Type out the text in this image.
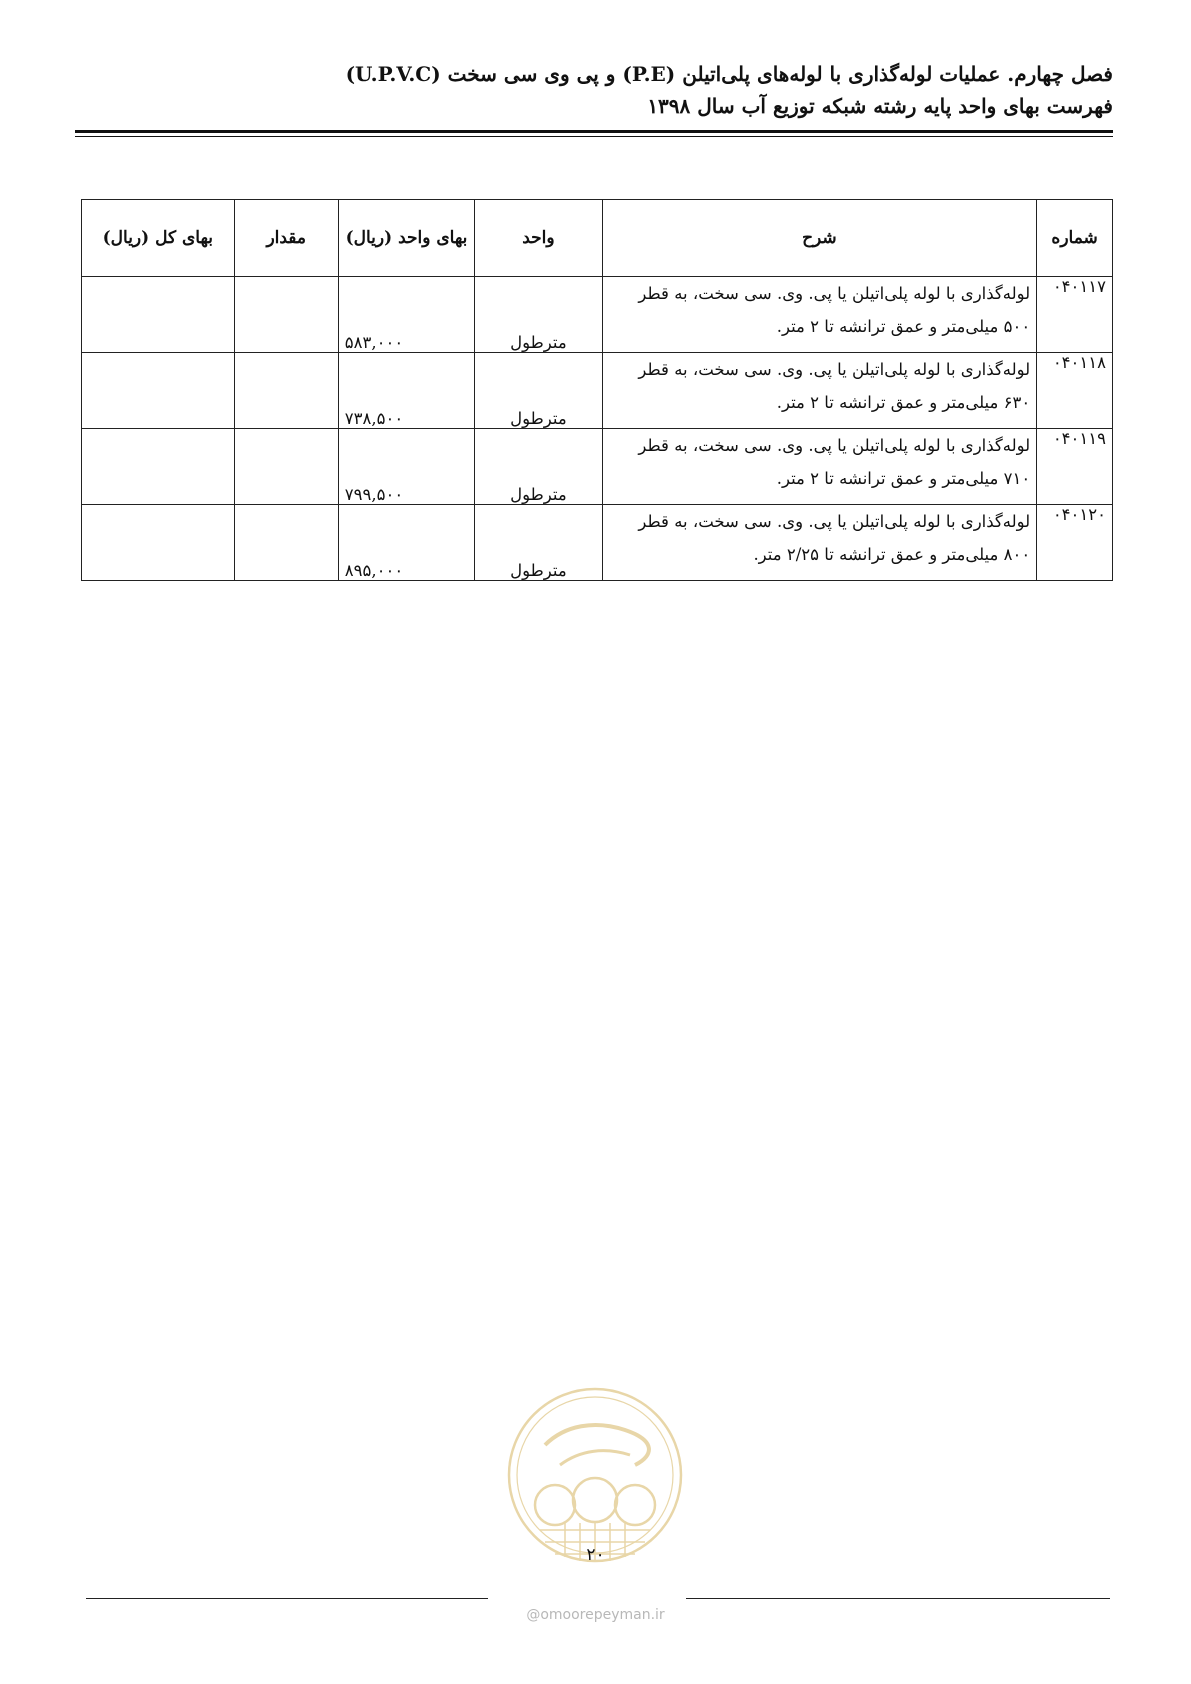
فصل چهارم. عملیات لوله‌گذاری با لوله‌های پلی‌اتیلن (P.E) و پی وی سی سخت (U.P.V.C)
فهرست بهای واحد پایه رشته شبکه توزیع آب سال ۱۳۹۸
شماره	شرح	واحد	بهای واحد (ریال)	مقدار	بهای کل (ریال)
۰۴۰۱۱۷	لوله‌گذاری با لوله پلی‌اتیلن یا پی. وی. سی سخت، به قطر ۵۰۰ میلی‌متر و عمق ترانشه تا ۲ متر.	مترطول	۵۸۳,۰۰۰		
۰۴۰۱۱۸	لوله‌گذاری با لوله پلی‌اتیلن یا پی. وی. سی سخت، به قطر ۶۳۰ میلی‌متر و عمق ترانشه تا ۲ متر.	مترطول	۷۳۸,۵۰۰		
۰۴۰۱۱۹	لوله‌گذاری با لوله پلی‌اتیلن یا پی. وی. سی سخت، به قطر ۷۱۰ میلی‌متر و عمق ترانشه تا ۲ متر.	مترطول	۷۹۹,۵۰۰		
۰۴۰۱۲۰	لوله‌گذاری با لوله پلی‌اتیلن یا پی. وی. سی سخت، به قطر ۸۰۰ میلی‌متر و عمق ترانشه تا ۲/۲۵ متر.	مترطول	۸۹۵,۰۰۰		
۲۰
@omoorepeyman.ir
